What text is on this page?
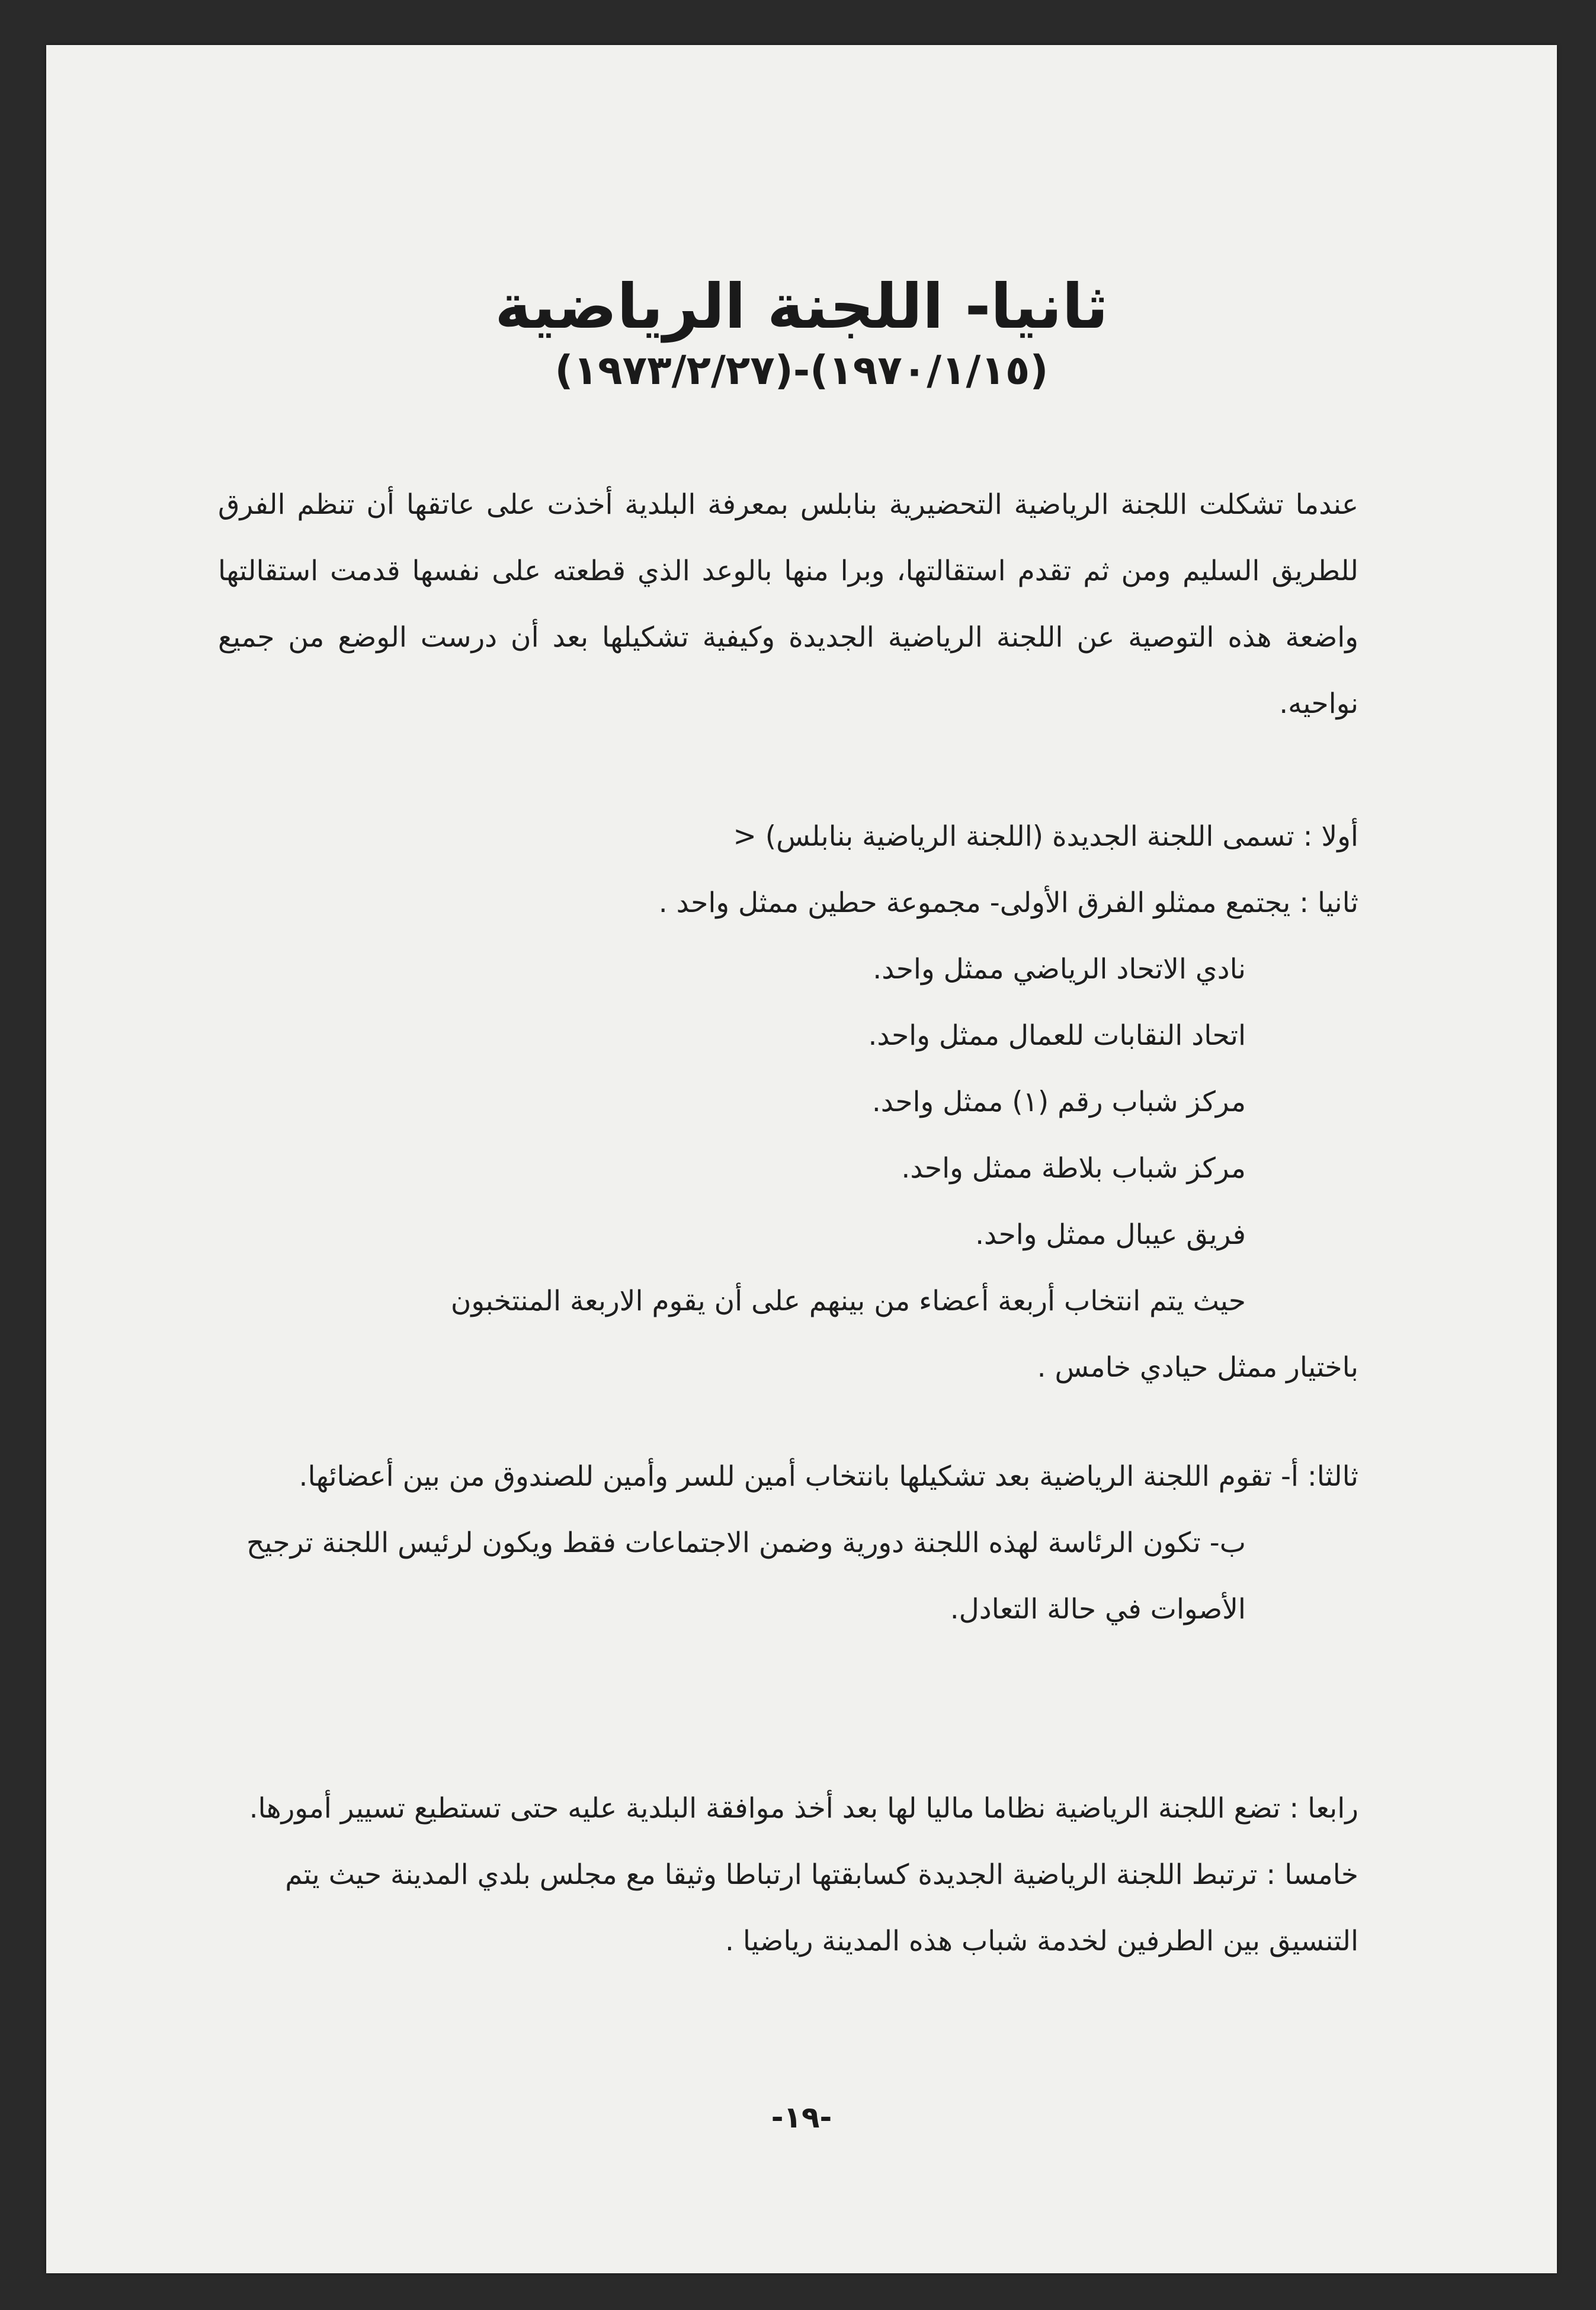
ثانيا- اللجنة الرياضية
(١٩٧٠/١/١٥)-(١٩٧٣/٢/٢٧)

عندما تشكلت اللجنة الرياضية التحضيرية بنابلس بمعرفة البلدية أخذت على عاتقها أن تنظم الفرق للطريق السليم ومن ثم تقدم استقالتها، وبرا منها بالوعد الذي قطعته على نفسها قدمت استقالتها واضعة هذه التوصية عن اللجنة الرياضية الجديدة وكيفية تشكيلها بعد أن درست الوضع من جميع نواحيه.

أولا : تسمى اللجنة الجديدة (اللجنة الرياضية بنابلس) <

ثانيا : يجتمع ممثلو الفرق الأولى- مجموعة حطين ممثل واحد .

نادي الاتحاد الرياضي ممثل واحد.

اتحاد النقابات للعمال ممثل واحد.

مركز شباب رقم (١) ممثل واحد.

مركز شباب بلاطة ممثل واحد.

فريق عيبال ممثل واحد.

حيث يتم انتخاب أربعة أعضاء من بينهم على أن يقوم الاربعة المنتخبون

باختيار ممثل حيادي خامس .

ثالثا: أ- تقوم اللجنة الرياضية بعد تشكيلها بانتخاب أمين للسر وأمين للصندوق من بين أعضائها.

ب- تكون الرئاسة لهذه اللجنة دورية وضمن الاجتماعات فقط ويكون لرئيس اللجنة ترجيح الأصوات في حالة التعادل.

رابعا : تضع اللجنة الرياضية نظاما ماليا لها بعد أخذ موافقة البلدية عليه حتى تستطيع تسيير أمورها.

خامسا : ترتبط اللجنة الرياضية الجديدة كسابقتها ارتباطا وثيقا مع مجلس بلدي المدينة حيث يتم التنسيق بين الطرفين لخدمة شباب هذه المدينة رياضيا .

-١٩-
